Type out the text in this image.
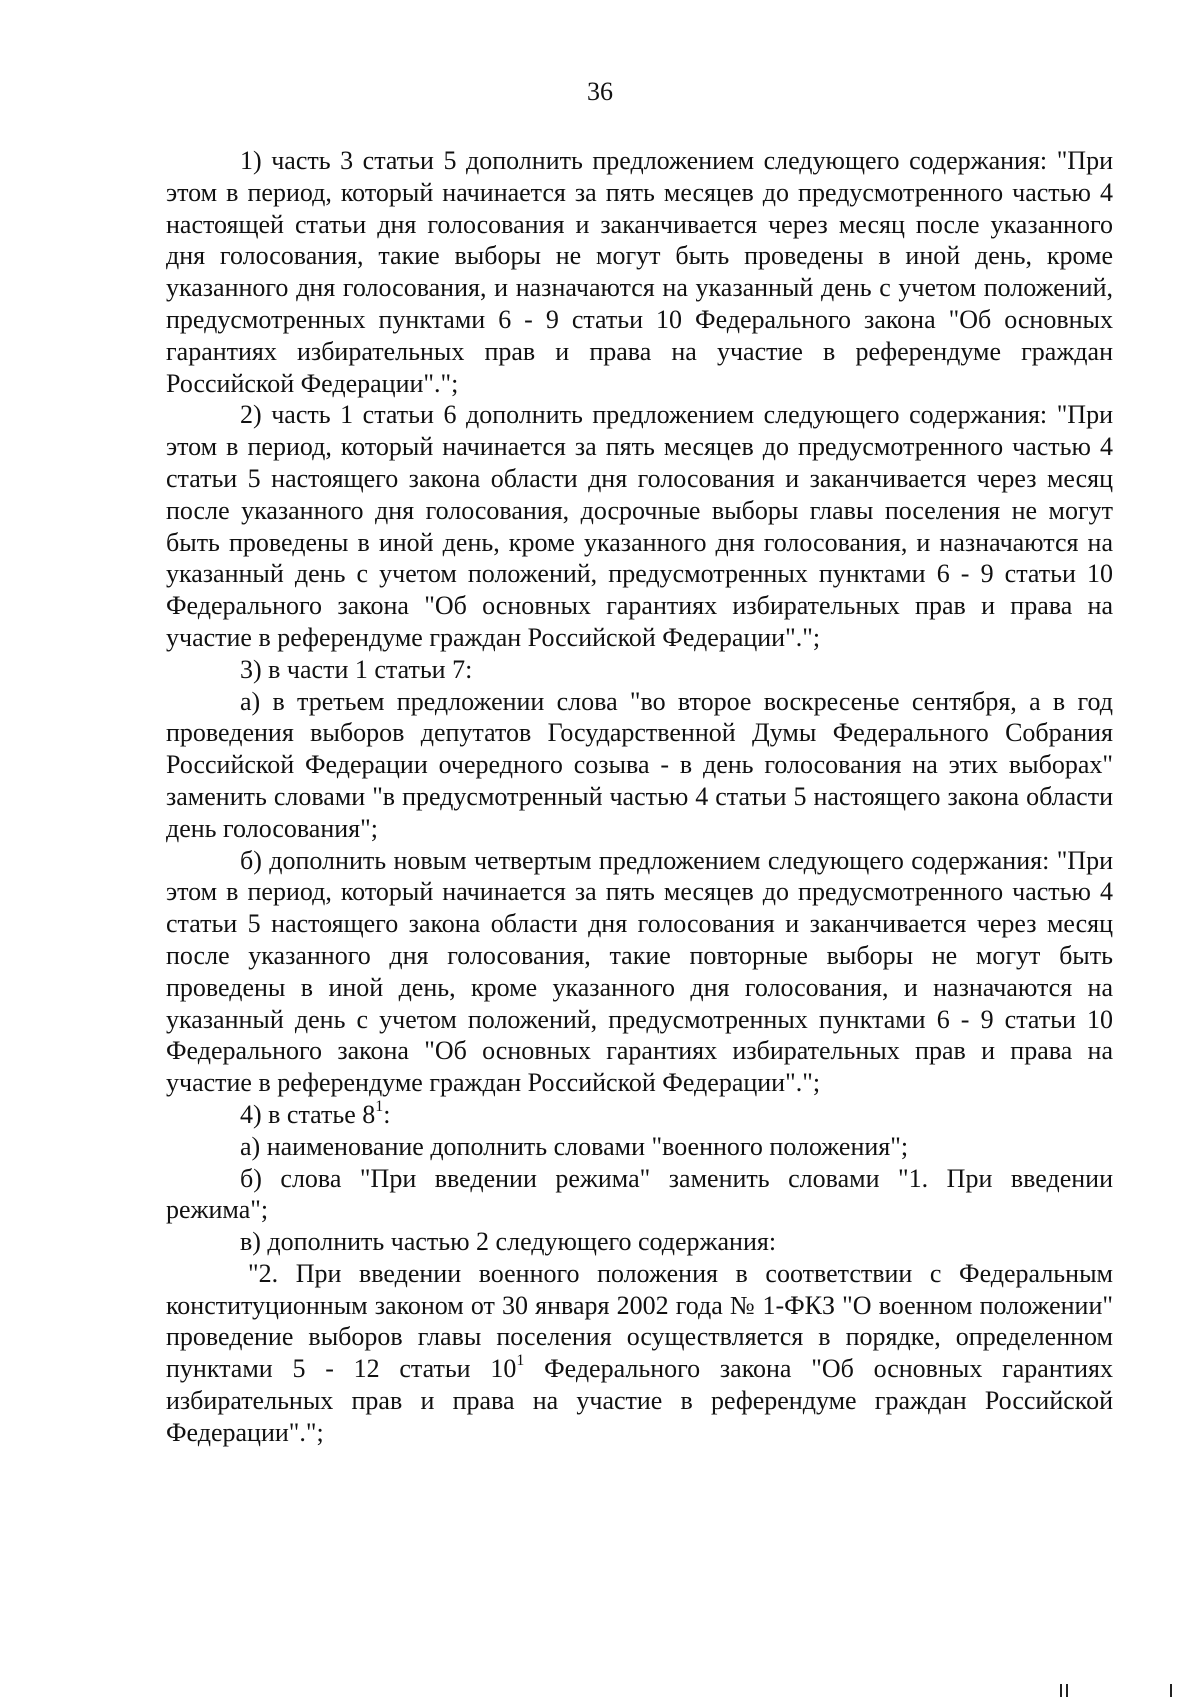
36

1) часть 3 статьи 5 дополнить предложением следующего содержания: "При этом в период, который начинается за пять месяцев до предусмотренного частью 4 настоящей статьи дня голосования и заканчивается через месяц после указанного дня голосования, такие выборы не могут быть проведены в иной день, кроме указанного дня голосования, и назначаются на указанный день с учетом положений, предусмотренных пунктами 6 - 9 статьи 10 Федерального закона "Об основных гарантиях избирательных прав и права на участие в референдуме граждан Российской Федерации".";

2) часть 1 статьи 6 дополнить предложением следующего содержания: "При этом в период, который начинается за пять месяцев до предусмотренного частью 4 статьи 5 настоящего закона области дня голосования и заканчивается через месяц после указанного дня голосования, досрочные выборы главы поселения не могут быть проведены в иной день, кроме указанного дня голосования, и назначаются на указанный день с учетом положений, предусмотренных пунктами 6 - 9 статьи 10 Федерального закона "Об основных гарантиях избирательных прав и права на участие в референдуме граждан Российской Федерации".";

3) в части 1 статьи 7:

а) в третьем предложении слова "во второе воскресенье сентября, а в год проведения выборов депутатов Государственной Думы Федерального Собрания Российской Федерации очередного созыва - в день голосования на этих выборах" заменить словами "в предусмотренный частью 4 статьи 5 настоящего закона области день голосования";

б) дополнить новым четвертым предложением следующего содержания: "При этом в период, который начинается за пять месяцев до предусмотренного частью 4 статьи 5 настоящего закона области дня голосования и заканчивается через месяц после указанного дня голосования, такие повторные выборы не могут быть проведены в иной день, кроме указанного дня голосования, и назначаются на указанный день с учетом положений, предусмотренных пунктами 6 - 9 статьи 10 Федерального закона "Об основных гарантиях избирательных прав и права на участие в референдуме граждан Российской Федерации".";

4) в статье $8^1$:

а) наименование дополнить словами "военного положения";

б) слова "При введении режима" заменить словами "1. При введении режима";

в) дополнить частью 2 следующего содержания:

"2. При введении военного положения в соответствии с Федеральным конституционным законом от 30 января 2002 года № 1-ФКЗ "О военном положении" проведение выборов главы поселения осуществляется в порядке, определенном пунктами 5 - 12 статьи $10^1$ Федерального закона "Об основных гарантиях избирательных прав и права на участие в референдуме граждан Российской Федерации".";
